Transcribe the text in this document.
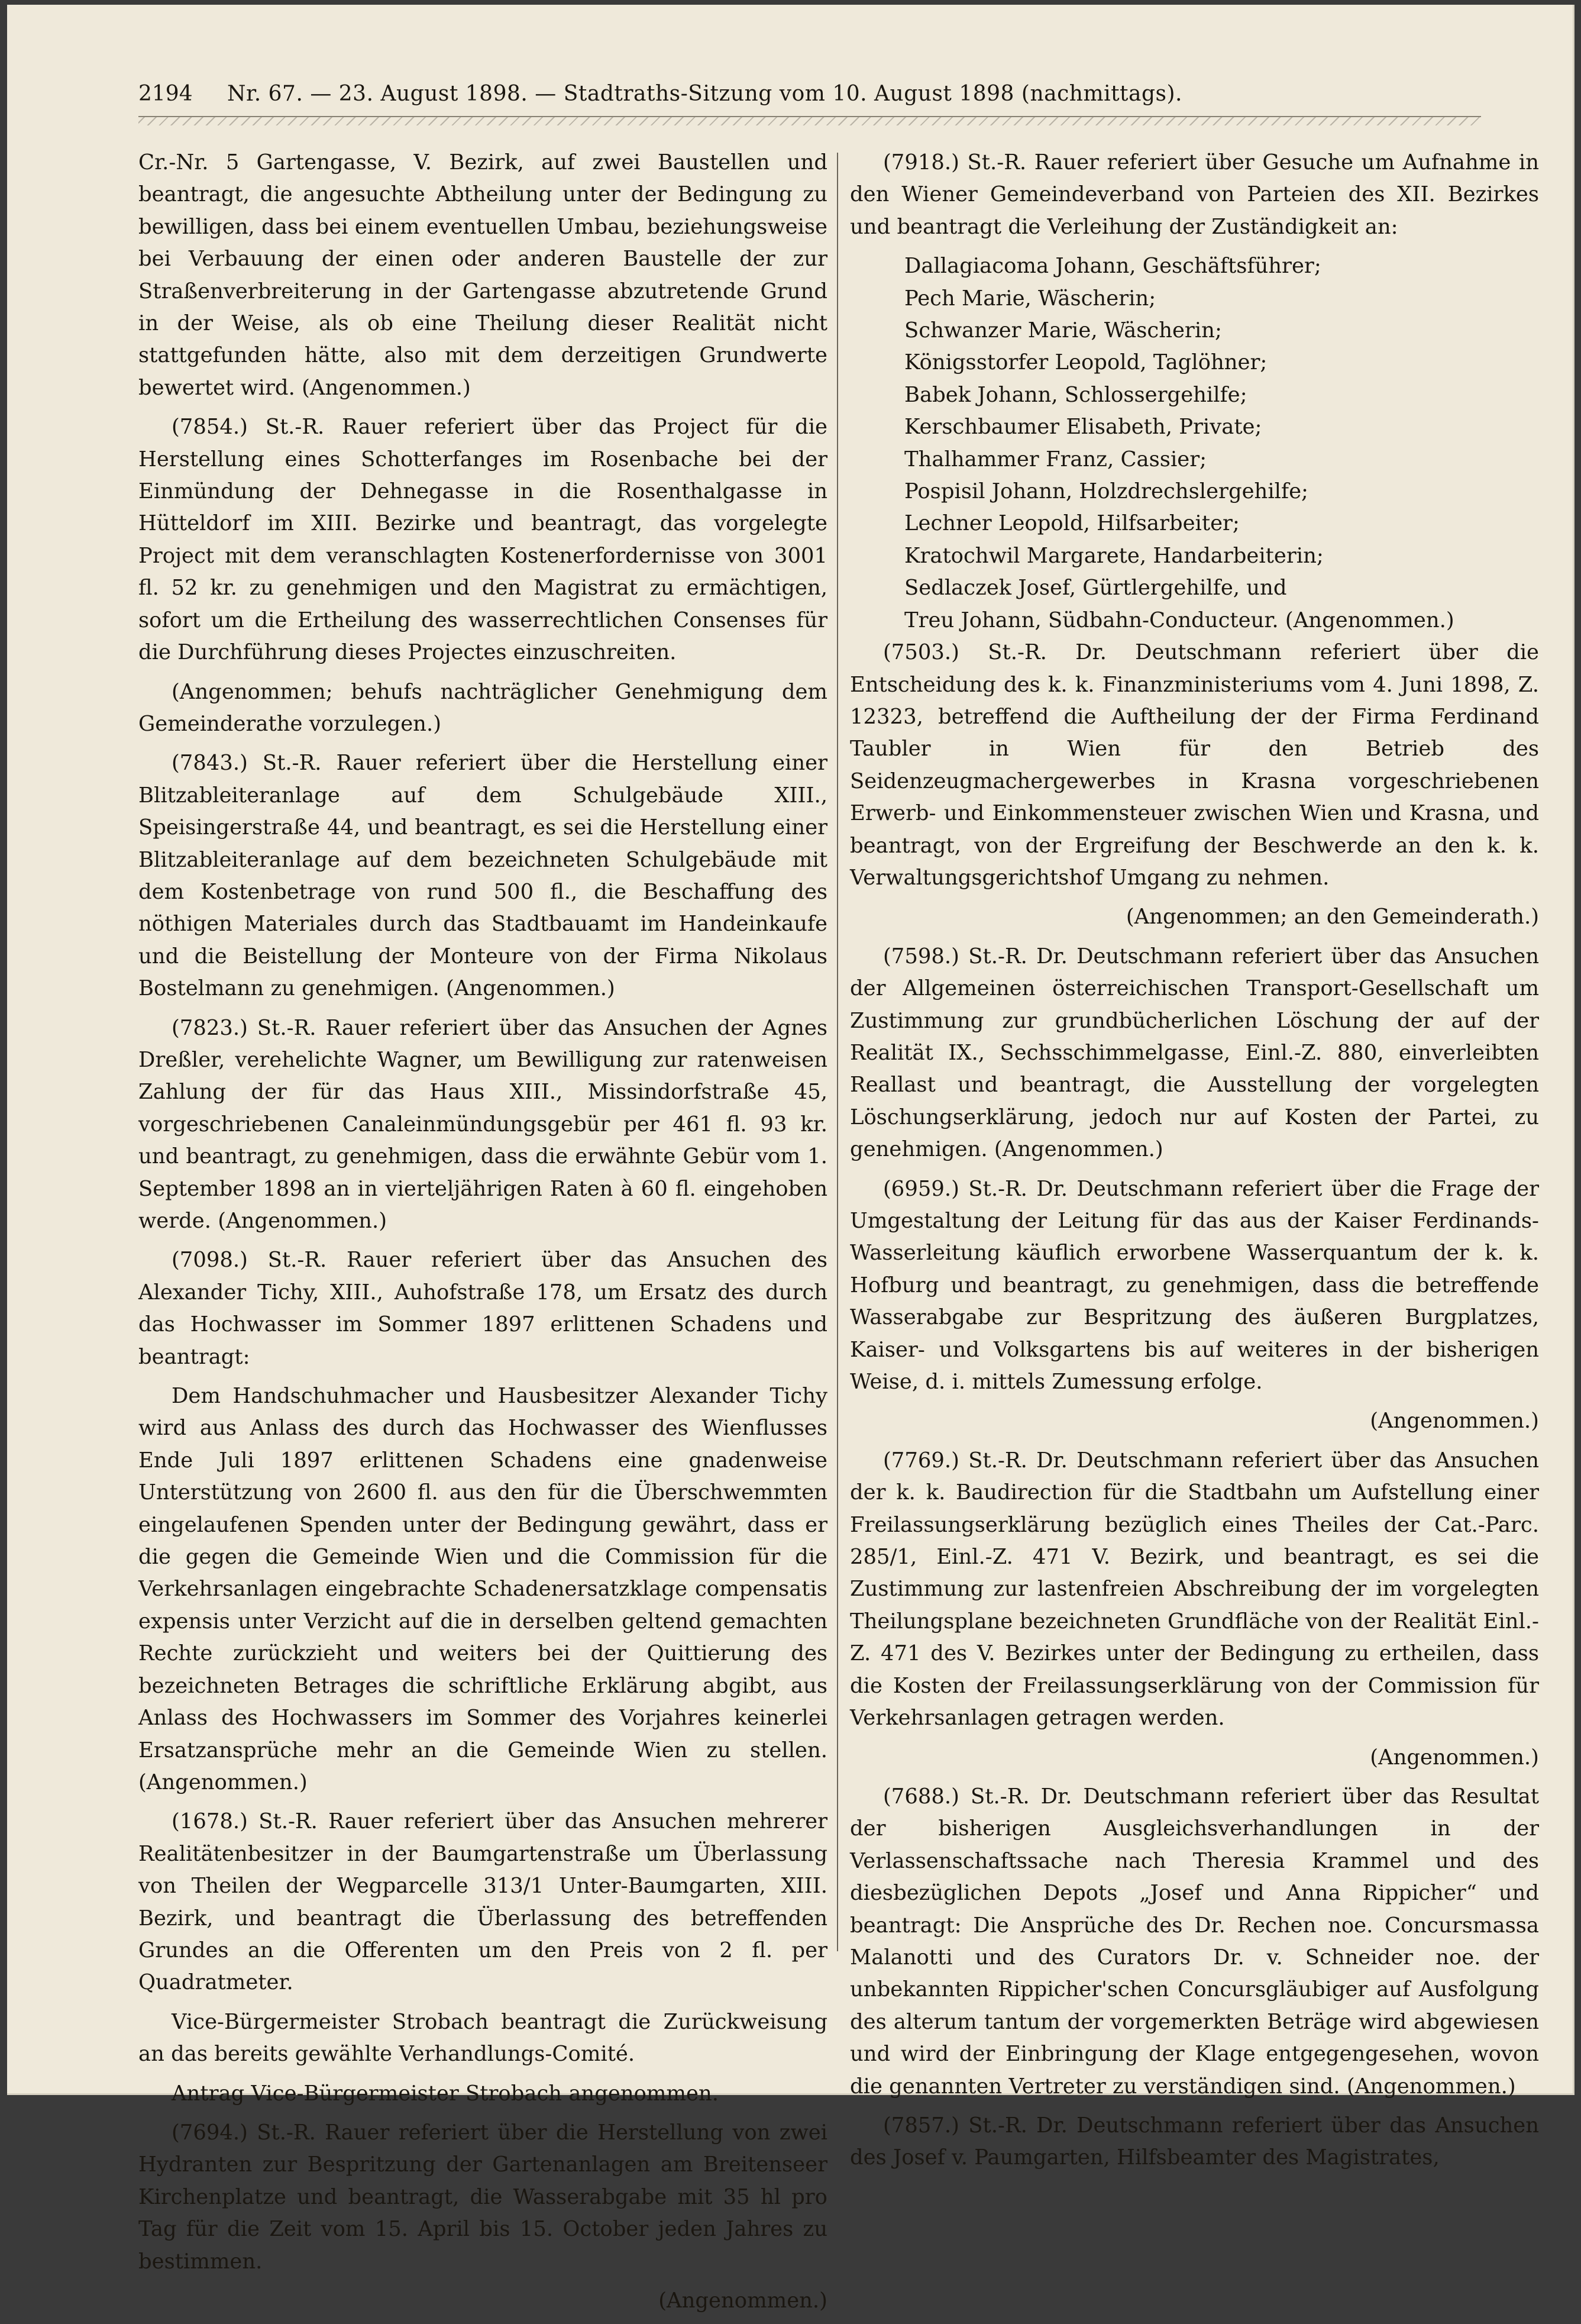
2194	Nr. 67. — 23. August 1898. — Stadtraths-Sitzung vom 10. August 1898 (nachmittags).

Cr.-Nr. 5 Gartengasse, V. Bezirk, auf zwei Baustellen und beantragt, die angesuchte Abtheilung unter der Bedingung zu bewilligen, dass bei einem eventuellen Umbau, beziehungsweise bei Verbauung der einen oder anderen Baustelle der zur Straßenverbreiterung in der Gartengasse abzutretende Grund in der Weise, als ob eine Theilung dieser Realität nicht stattgefunden hätte, also mit dem derzeitigen Grundwerte bewertet wird. (Angenommen.)

(7854.) St.-R. Rauer referiert über das Project für die Herstellung eines Schotterfanges im Rosenbache bei der Einmündung der Dehnegasse in die Rosenthalgasse in Hütteldorf im XIII. Bezirke und beantragt, das vorgelegte Project mit dem veranschlagten Kostenerfordernisse von 3001 fl. 52 kr. zu genehmigen und den Magistrat zu ermächtigen, sofort um die Ertheilung des wasserrechtlichen Consenses für die Durchführung dieses Projectes einzuschreiten.

(Angenommen; behufs nachträglicher Genehmigung dem Gemeinderathe vorzulegen.)

(7843.) St.-R. Rauer referiert über die Herstellung einer Blitzableiteranlage auf dem Schulgebäude XIII., Speisingerstraße 44, und beantragt, es sei die Herstellung einer Blitzableiteranlage auf dem bezeichneten Schulgebäude mit dem Kostenbetrage von rund 500 fl., die Beschaffung des nöthigen Materiales durch das Stadtbauamt im Handeinkaufe und die Beistellung der Monteure von der Firma Nikolaus Bostelmann zu genehmigen. (Angenommen.)

(7823.) St.-R. Rauer referiert über das Ansuchen der Agnes Dreßler, verehelichte Wagner, um Bewilligung zur ratenweisen Zahlung der für das Haus XIII., Missindorfstraße 45, vorgeschriebenen Canaleinmündungsgebür per 461 fl. 93 kr. und beantragt, zu genehmigen, dass die erwähnte Gebür vom 1. September 1898 an in vierteljährigen Raten à 60 fl. eingehoben werde. (Angenommen.)

(7098.) St.-R. Rauer referiert über das Ansuchen des Alexander Tichy, XIII., Auhofstraße 178, um Ersatz des durch das Hochwasser im Sommer 1897 erlittenen Schadens und beantragt:

Dem Handschuhmacher und Hausbesitzer Alexander Tichy wird aus Anlass des durch das Hochwasser des Wienflusses Ende Juli 1897 erlittenen Schadens eine gnadenweise Unterstützung von 2600 fl. aus den für die Überschwemmten eingelaufenen Spenden unter der Bedingung gewährt, dass er die gegen die Gemeinde Wien und die Commission für die Verkehrsanlagen eingebrachte Schadenersatzklage compensatis expensis unter Verzicht auf die in derselben geltend gemachten Rechte zurückzieht und weiters bei der Quittierung des bezeichneten Betrages die schriftliche Erklärung abgibt, aus Anlass des Hochwassers im Sommer des Vorjahres keinerlei Ersatzansprüche mehr an die Gemeinde Wien zu stellen. (Angenommen.)

(1678.) St.-R. Rauer referiert über das Ansuchen mehrerer Realitätenbesitzer in der Baumgartenstraße um Überlassung von Theilen der Wegparcelle 313/1 Unter-Baumgarten, XIII. Bezirk, und beantragt die Überlassung des betreffenden Grundes an die Offerenten um den Preis von 2 fl. per Quadratmeter.

Vice-Bürgermeister Strobach beantragt die Zurückweisung an das bereits gewählte Verhandlungs-Comité.

Antrag Vice-Bürgermeister Strobach angenommen.

(7694.) St.-R. Rauer referiert über die Herstellung von zwei Hydranten zur Bespritzung der Gartenanlagen am Breitenseer Kirchenplatze und beantragt, die Wasserabgabe mit 35 hl pro Tag für die Zeit vom 15. April bis 15. October jeden Jahres zu bestimmen.

(Angenommen.)

(7918.) St.-R. Rauer referiert über Gesuche um Aufnahme in den Wiener Gemeindeverband von Parteien des XII. Bezirkes und beantragt die Verleihung der Zuständigkeit an:

Dallagiacoma Johann, Geschäftsführer;
Pech Marie, Wäscherin;
Schwanzer Marie, Wäscherin;
Königsstorfer Leopold, Taglöhner;
Babek Johann, Schlossergehilfe;
Kerschbaumer Elisabeth, Private;
Thalhammer Franz, Cassier;
Pospisil Johann, Holzdrechslergehilfe;
Lechner Leopold, Hilfsarbeiter;
Kratochwil Margarete, Handarbeiterin;
Sedlaczek Josef, Gürtlergehilfe, und
Treu Johann, Südbahn-Conducteur. (Angenommen.)

(7503.) St.-R. Dr. Deutschmann referiert über die Entscheidung des k. k. Finanzministeriums vom 4. Juni 1898, Z. 12323, betreffend die Auftheilung der der Firma Ferdinand Taubler in Wien für den Betrieb des Seidenzeugmachergewerbes in Krasna vorgeschriebenen Erwerb- und Einkommensteuer zwischen Wien und Krasna, und beantragt, von der Ergreifung der Beschwerde an den k. k. Verwaltungsgerichtshof Umgang zu nehmen.

(Angenommen; an den Gemeinderath.)

(7598.) St.-R. Dr. Deutschmann referiert über das Ansuchen der Allgemeinen österreichischen Transport-Gesellschaft um Zustimmung zur grundbücherlichen Löschung der auf der Realität IX., Sechsschimmelgasse, Einl.-Z. 880, einverleibten Reallast und beantragt, die Ausstellung der vorgelegten Löschungserklärung, jedoch nur auf Kosten der Partei, zu genehmigen. (Angenommen.)

(6959.) St.-R. Dr. Deutschmann referiert über die Frage der Umgestaltung der Leitung für das aus der Kaiser Ferdinands-Wasserleitung käuflich erworbene Wasserquantum der k. k. Hofburg und beantragt, zu genehmigen, dass die betreffende Wasserabgabe zur Bespritzung des äußeren Burgplatzes, Kaiser- und Volksgartens bis auf weiteres in der bisherigen Weise, d. i. mittels Zumessung erfolge.

(Angenommen.)

(7769.) St.-R. Dr. Deutschmann referiert über das Ansuchen der k. k. Baudirection für die Stadtbahn um Aufstellung einer Freilassungserklärung bezüglich eines Theiles der Cat.-Parc. 285/1, Einl.-Z. 471 V. Bezirk, und beantragt, es sei die Zustimmung zur lastenfreien Abschreibung der im vorgelegten Theilungsplane bezeichneten Grundfläche von der Realität Einl.-Z. 471 des V. Bezirkes unter der Bedingung zu ertheilen, dass die Kosten der Freilassungserklärung von der Commission für Verkehrsanlagen getragen werden.

(Angenommen.)

(7688.) St.-R. Dr. Deutschmann referiert über das Resultat der bisherigen Ausgleichsverhandlungen in der Verlassenschaftssache nach Theresia Krammel und des diesbezüglichen Depots „Josef und Anna Rippicher“ und beantragt: Die Ansprüche des Dr. Rechen noe. Concursmassa Malanotti und des Curators Dr. v. Schneider noe. der unbekannten Rippicher'schen Concursgläubiger auf Ausfolgung des alterum tantum der vorgemerkten Beträge wird abgewiesen und wird der Einbringung der Klage entgegengesehen, wovon die genannten Vertreter zu verständigen sind. (Angenommen.)

(7857.) St.-R. Dr. Deutschmann referiert über das Ansuchen des Josef v. Paumgarten, Hilfsbeamter des Magistrates,
